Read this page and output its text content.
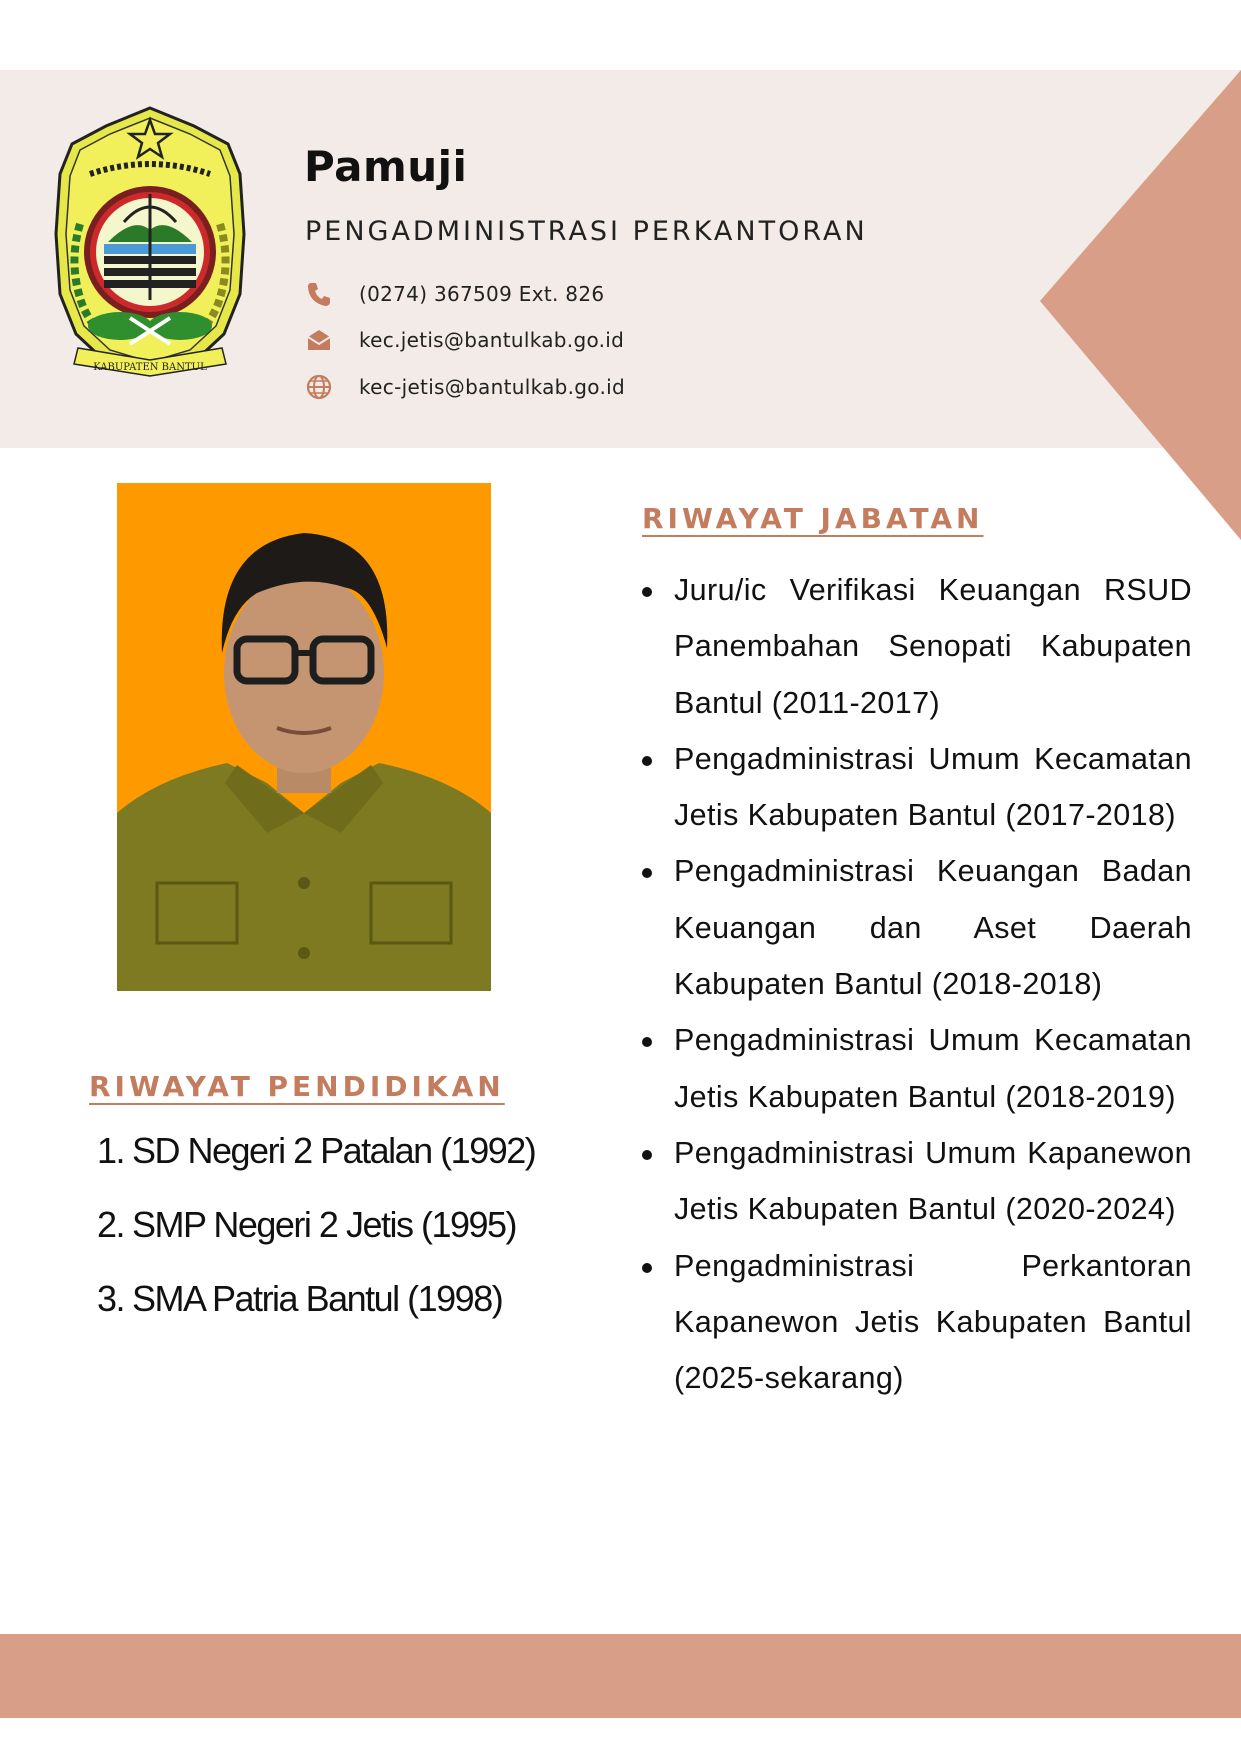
KABUPATEN BANTUL
Pamuji
PENGADMINISTRASI PERKANTORAN
(0274) 367509 Ext. 826
kec.jetis@bantulkab.go.id
kec-jetis@bantulkab.go.id
RIWAYAT PENDIDIKAN
1. SD Negeri 2 Patalan (1992)
2. SMP Negeri 2 Jetis (1995)
3. SMA Patria Bantul (1998)
RIWAYAT JABATAN
Juru/ic Verifikasi Keuangan RSUD Panembahan Senopati Kabupaten Bantul (2011-2017)
Pengadministrasi Umum Kecamatan Jetis Kabupaten Bantul (2017-2018)
Pengadministrasi Keuangan Badan Keuangan dan Aset Daerah Kabupaten Bantul (2018-2018)
Pengadministrasi Umum Kecamatan Jetis Kabupaten Bantul (2018-2019)
Pengadministrasi Umum Kapanewon Jetis Kabupaten Bantul (2020-2024)
Pengadministrasi Perkantoran Kapanewon Jetis Kabupaten Bantul (2025-sekarang)
